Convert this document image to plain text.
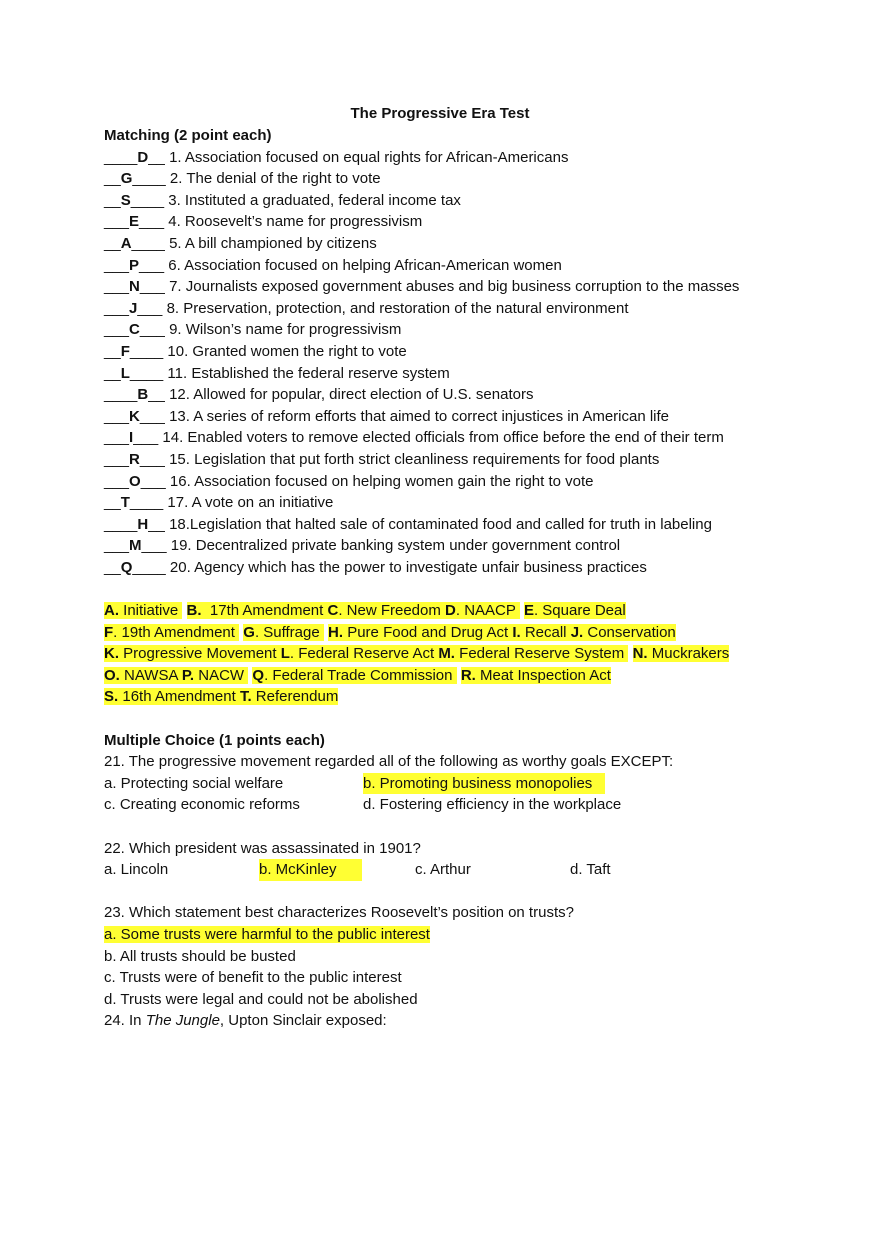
The Progressive Era Test
Matching (2 point each)
____D__ 1. Association focused on equal rights for African-Americans
__G____ 2. The denial of the right to vote
__S____ 3. Instituted a graduated, federal income tax
___E___ 4. Roosevelt’s name for progressivism
__A____ 5. A bill championed by citizens
___P___ 6. Association focused on helping African-American women
___N___ 7. Journalists exposed government abuses and big business corruption to the masses
___J___ 8. Preservation, protection, and restoration of the natural environment
___C___ 9. Wilson’s name for progressivism
__F____ 10. Granted women the right to vote
__L____ 11. Established the federal reserve system
____B__ 12. Allowed for popular, direct election of U.S. senators
___K___ 13. A series of reform efforts that aimed to correct injustices in American life
___I___ 14. Enabled voters to remove elected officials from office before the end of their term
___R___ 15. Legislation that put forth strict cleanliness requirements for food plants
___O___ 16. Association focused on helping women gain the right to vote
__T____ 17. A vote on an initiative
____H__ 18.Legislation that halted sale of contaminated food and called for truth in labeling
___M___ 19. Decentralized private banking system under government control
__Q____ 20. Agency which has the power to investigate unfair business practices
A. Initiative  B.  17th Amendment C. New Freedom D. NAACP  E. Square Deal
F. 19th Amendment  G. Suffrage  H. Pure Food and Drug Act I. Recall J. Conservation
K. Progressive Movement L. Federal Reserve Act M. Federal Reserve System  N. Muckrakers
O. NAWSA P. NACW  Q. Federal Trade Commission  R. Meat Inspection Act
S. 16th Amendment T. Referendum
Multiple Choice (1 points each)
21. The progressive movement regarded all of the following as worthy goals EXCEPT:

a. Protecting social welfare

	b. Promoting business monopolies

c. Creating economic reforms

	d. Fostering efficiency in the workplace

22. Which president was assassinated in 1901?

a. Lincoln

	b. McKinley

	c. Arthur

	d. Taft

23. Which statement best characterizes Roosevelt’s position on trusts?
a. Some trusts were harmful to the public interest
b. All trusts should be busted
c. Trusts were of benefit to the public interest
d. Trusts were legal and could not be abolished
24. In The Jungle, Upton Sinclair exposed:
